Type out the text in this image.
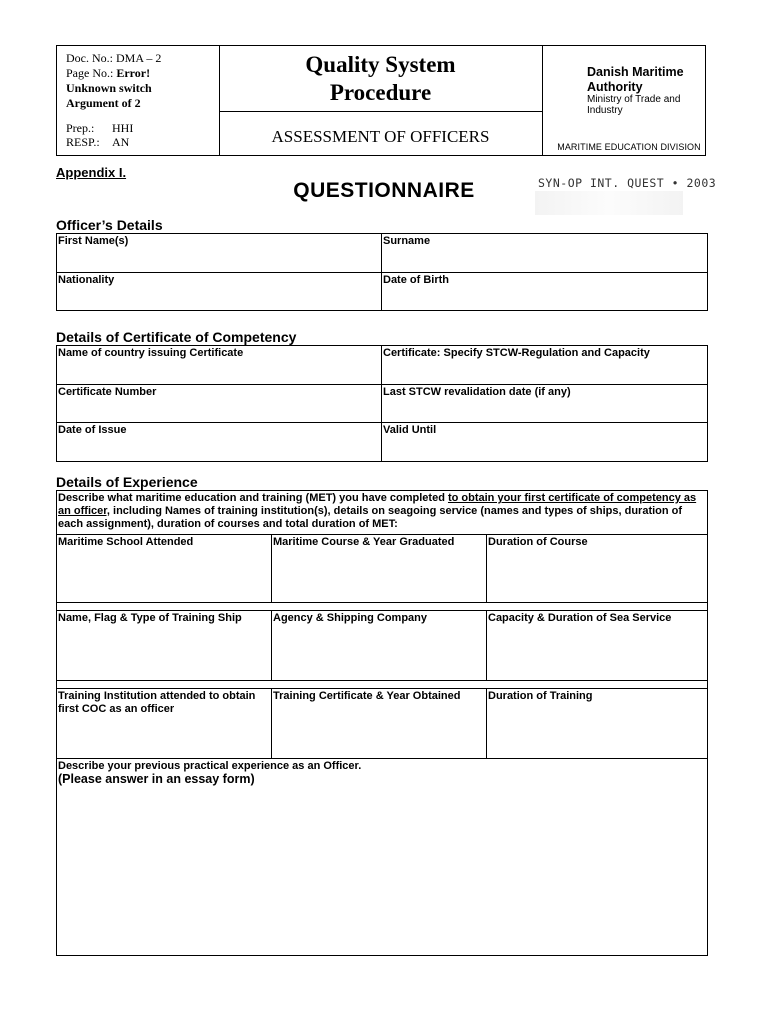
Doc. No.: DMA – 2
Page No.: Error!
Unknown switch
Argument of 2
Prep.: HHI
RESP.: AN
Quality System
Procedure
ASSESSMENT OF OFFICERS
Danish Maritime
Authority
Ministry of Trade and
Industry
MARITIME EDUCATION DIVISION
Appendix I.
QUESTIONNAIRE	SYN-OP INT. QUEST • 2003
Officer’s Details
First Name(s)	Surname
Nationality	Date of Birth
Details of Certificate of Competency
Name of country issuing Certificate	Certificate: Specify STCW-Regulation and Capacity
Certificate Number	Last STCW revalidation date (if any)
Date of Issue	Valid Until
Details of Experience
Describe what maritime education and training (MET) you have completed to obtain your first certificate of competency as an officer, including Names of training institution(s), details on seagoing service (names and types of ships, duration of each assignment), duration of courses and total duration of MET:		
Maritime School Attended	Maritime Course & Year Graduated	Duration of Course

Name, Flag & Type of Training Ship	Agency & Shipping Company	Capacity & Duration of Sea Service

Training Institution attended to obtain first COC as an officer	Training Certificate & Year Obtained	Duration of Training

Describe your previous practical experience as an Officer.
(Please answer in an essay form)		
